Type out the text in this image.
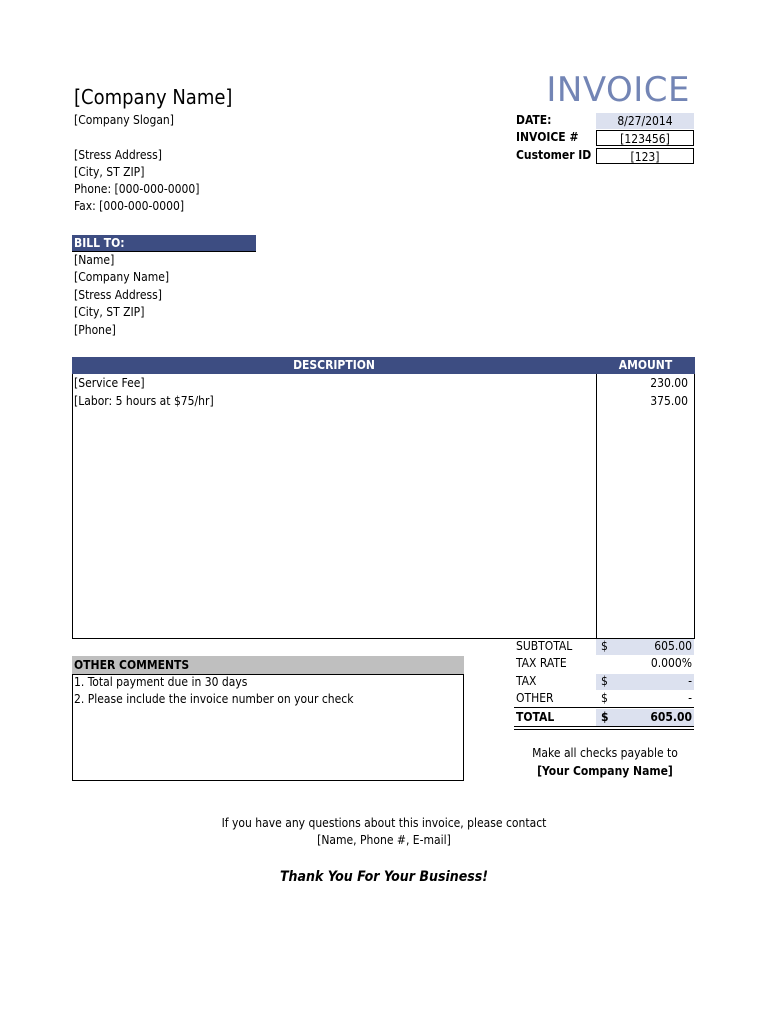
[Company Name]	INVOICE
[Company Slogan]
[Stress Address]
[City, ST ZIP]
Phone: [000-000-0000]
Fax: [000-000-0000]
DATE:	8/27/2014
INVOICE #	[123456]
Customer ID	[123]
BILL TO:
[Name]
[Company Name]
[Stress Address]
[City, ST ZIP]
[Phone]
DESCRIPTION	AMOUNT
[Service Fee]	230.00
[Labor: 5 hours at $75/hr]	375.00
SUBTOTAL $	605.00
TAX RATE	0.000%
TAX	$	-
OTHER	$	-
TOTAL	$	605.00
OTHER COMMENTS
1. Total payment due in 30 days
2. Please include the invoice number on your check
Make all checks payable to
[Your Company Name]
If you have any questions about this invoice, please contact
[Name, Phone #, E-mail]
Thank You For Your Business!
